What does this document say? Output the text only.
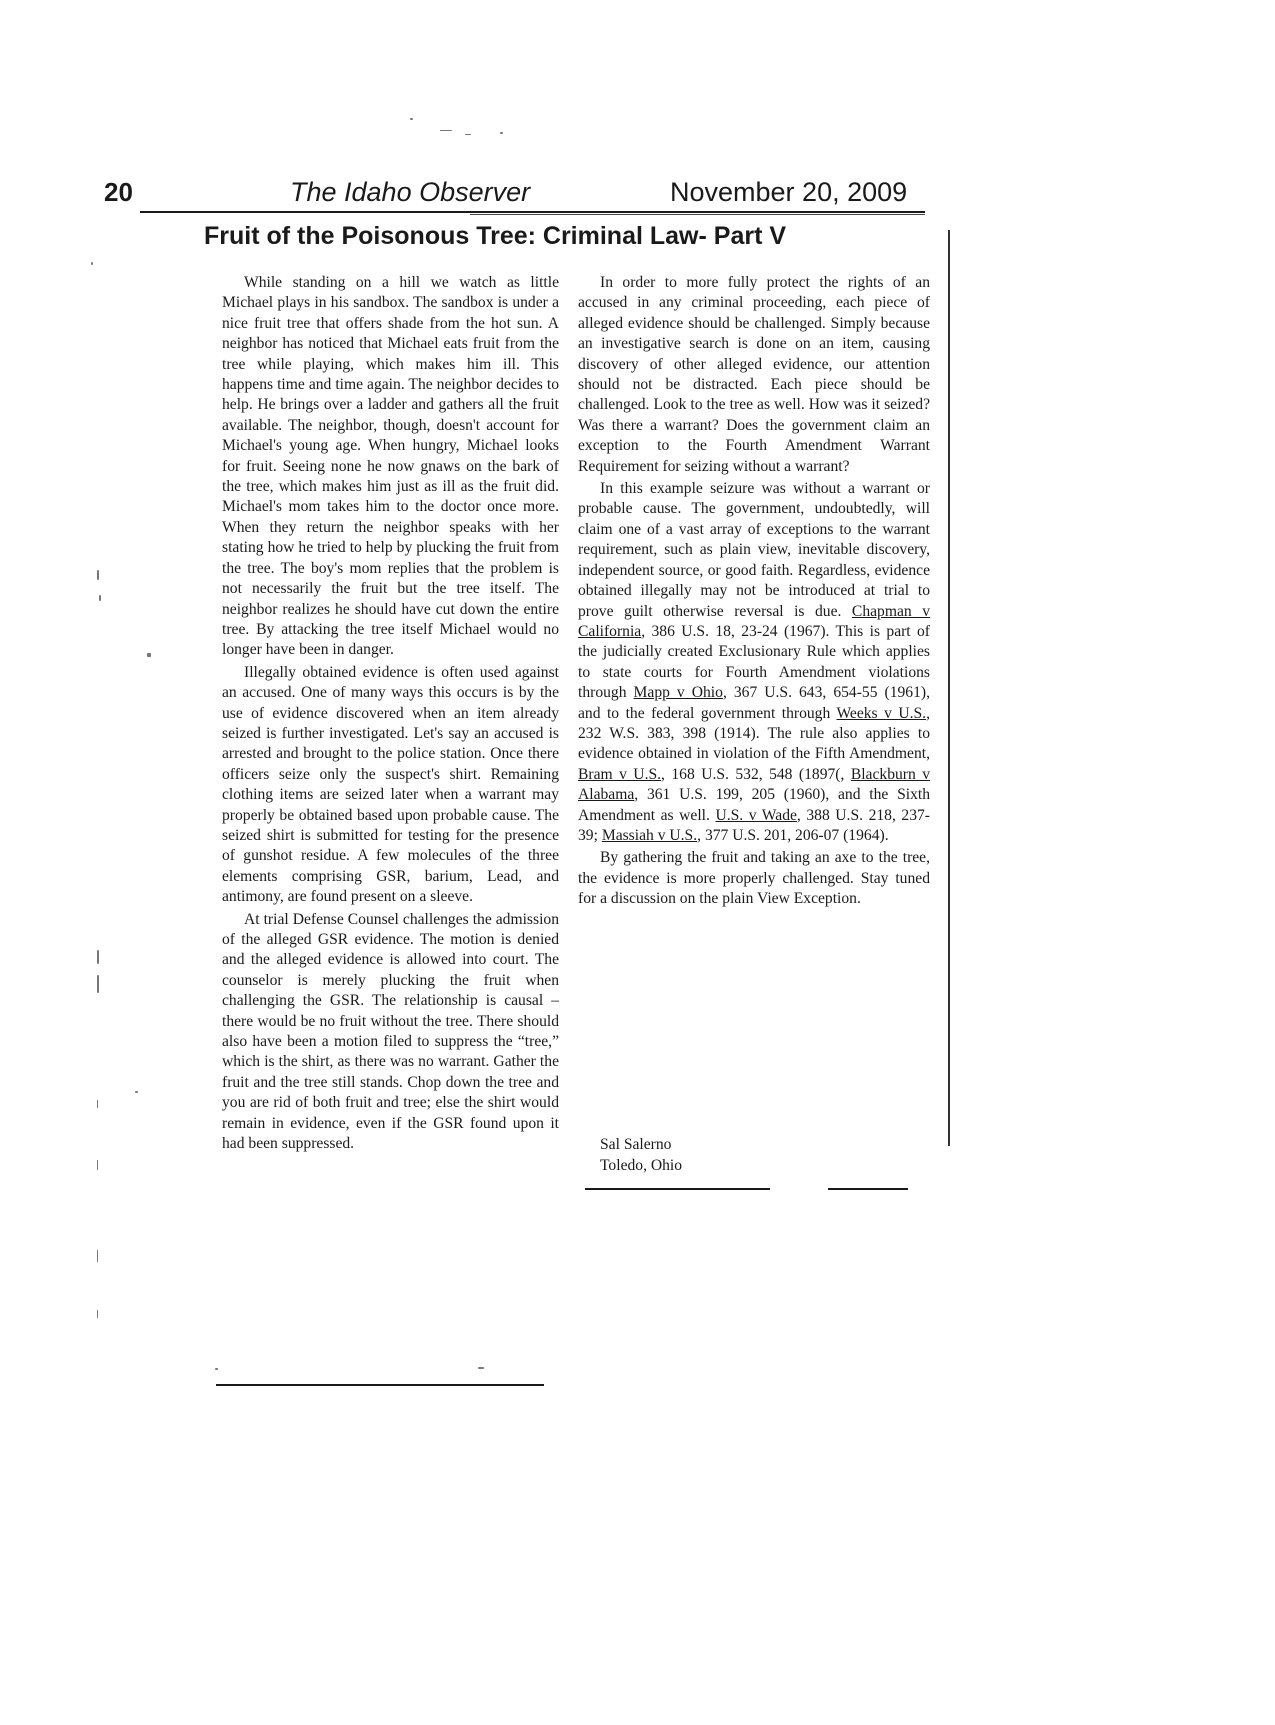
20	The Idaho Observer	November 20, 2009
Fruit of the Poisonous Tree: Criminal Law- Part V

While standing on a hill we watch as little Michael plays in his sandbox. The sandbox is under a nice fruit tree that offers shade from the hot sun. A neighbor has noticed that Michael eats fruit from the tree while playing, which makes him ill. This happens time and time again. The neighbor decides to help. He brings over a ladder and gathers all the fruit available. The neighbor, though, doesn't account for Michael's young age. When hungry, Michael looks for fruit. Seeing none he now gnaws on the bark of the tree, which makes him just as ill as the fruit did. Michael's mom takes him to the doctor once more. When they return the neighbor speaks with her stating how he tried to help by plucking the fruit from the tree. The boy's mom replies that the problem is not necessarily the fruit but the tree itself. The neighbor realizes he should have cut down the entire tree. By attacking the tree itself Michael would no longer have been in danger.

Illegally obtained evidence is often used against an accused. One of many ways this occurs is by the use of evidence discovered when an item already seized is further investigated. Let's say an accused is arrested and brought to the police station. Once there officers seize only the suspect's shirt. Remaining clothing items are seized later when a warrant may properly be obtained based upon probable cause. The seized shirt is submitted for testing for the presence of gunshot residue. A few molecules of the three elements comprising GSR, barium, Lead, and antimony, are found present on a sleeve.

At trial Defense Counsel challenges the admission of the alleged GSR evidence. The motion is denied and the alleged evidence is allowed into court. The counselor is merely plucking the fruit when challenging the GSR. The relationship is causal – there would be no fruit without the tree. There should also have been a motion filed to suppress the “tree,” which is the shirt, as there was no warrant. Gather the fruit and the tree still stands. Chop down the tree and you are rid of both fruit and tree; else the shirt would remain in evidence, even if the GSR found upon it had been suppressed.

In order to more fully protect the rights of an accused in any criminal proceeding, each piece of alleged evidence should be challenged. Simply because an investigative search is done on an item, causing discovery of other alleged evidence, our attention should not be distracted. Each piece should be challenged. Look to the tree as well. How was it seized? Was there a warrant? Does the government claim an exception to the Fourth Amendment Warrant Requirement for seizing without a warrant?

In this example seizure was without a warrant or probable cause. The government, undoubtedly, will claim one of a vast array of exceptions to the warrant requirement, such as plain view, inevitable discovery, independent source, or good faith. Regardless, evidence obtained illegally may not be introduced at trial to prove guilt otherwise reversal is due. Chapman v California, 386 U.S. 18, 23-24 (1967). This is part of the judicially created Exclusionary Rule which applies to state courts for Fourth Amendment violations through Mapp v Ohio, 367 U.S. 643, 654-55 (1961), and to the federal government through Weeks v U.S., 232 W.S. 383, 398 (1914). The rule also applies to evidence obtained in violation of the Fifth Amendment, Bram v U.S., 168 U.S. 532, 548 (1897(, Blackburn v Alabama, 361 U.S. 199, 205 (1960), and the Sixth Amendment as well. U.S. v Wade, 388 U.S. 218, 237-39; Massiah v U.S., 377 U.S. 201, 206-07 (1964).

By gathering the fruit and taking an axe to the tree, the evidence is more properly challenged. Stay tuned for a discussion on the plain View Exception.

Sal Salerno
Toledo, Ohio
